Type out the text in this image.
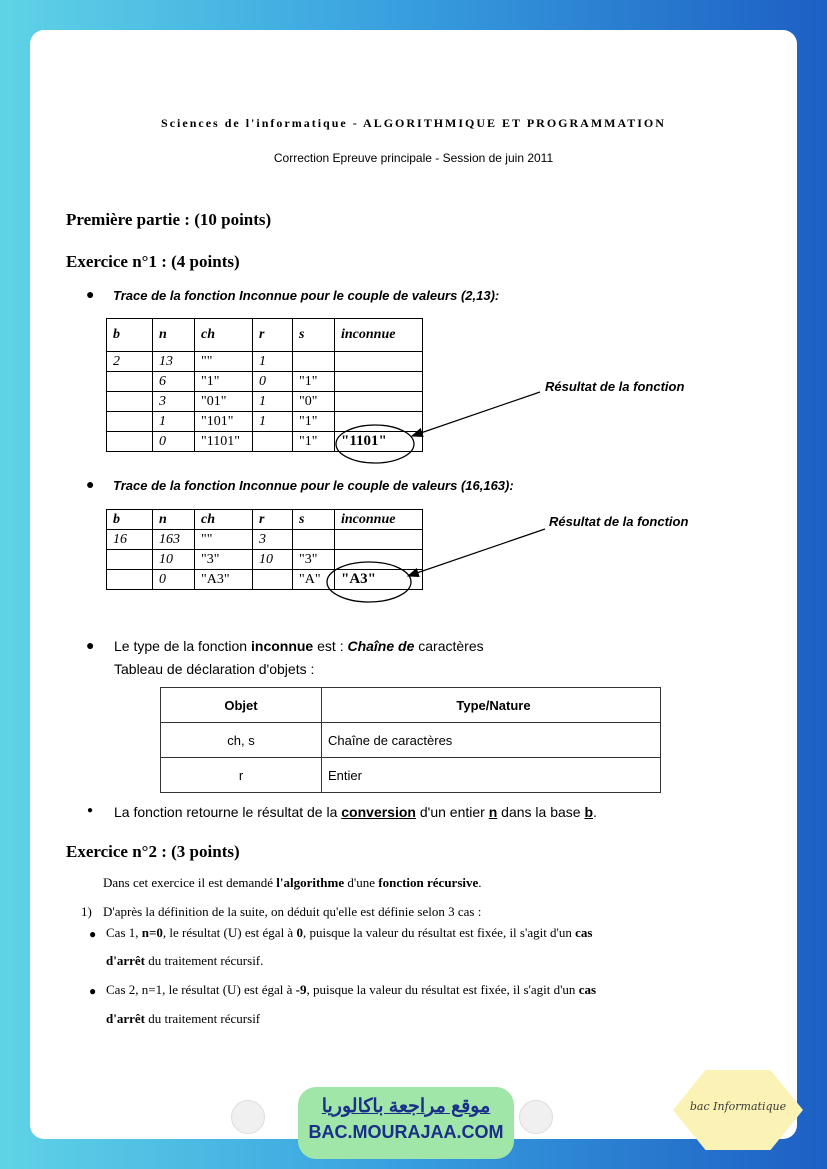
Sciences de l'informatique - ALGORITHMIQUE ET PROGRAMMATION
Correction Epreuve principale - Session de juin 2011
Première partie : (10 points)
Exercice n°1 : (4 points)
● Trace de la fonction Inconnue pour le couple de valeurs (2,13):
b	n	ch	r	s	inconnue
2	13	""	1		
	6	"1"	0	"1"	
	3	"01"	1	"0"	
	1	"101"	1	"1"	
	0	"1101"		"1"	"1101"
Résultat de la fonction
● Trace de la fonction Inconnue pour le couple de valeurs (16,163):
b	n	ch	r	s	inconnue
16	163	""	3		
	10	"3"	10	"3"	
	0	"A3"		"A"	"A3"
Résultat de la fonction
● Le type de la fonction inconnue est : Chaîne de caractères
Tableau de déclaration d'objets :
Objet	Type/Nature
ch, s	Chaîne de caractères
r	Entier
● La fonction retourne le résultat de la conversion d'un entier n dans la base b.
Exercice n°2 : (3 points)
Dans cet exercice il est demandé l'algorithme d'une fonction récursive.
1) D'après la définition de la suite, on déduit qu'elle est définie selon 3 cas :
● Cas 1, n=0, le résultat (U) est égal à 0, puisque la valeur du résultat est fixée, il s'agit d'un cas
d'arrêt du traitement récursif.
● Cas 2, n=1, le résultat (U) est égal à -9, puisque la valeur du résultat est fixée, il s'agit d'un cas
d'arrêt du traitement récursif
موقع مراجعة باكالوريا
BAC.MOURAJAA.COM
bac Informatique
